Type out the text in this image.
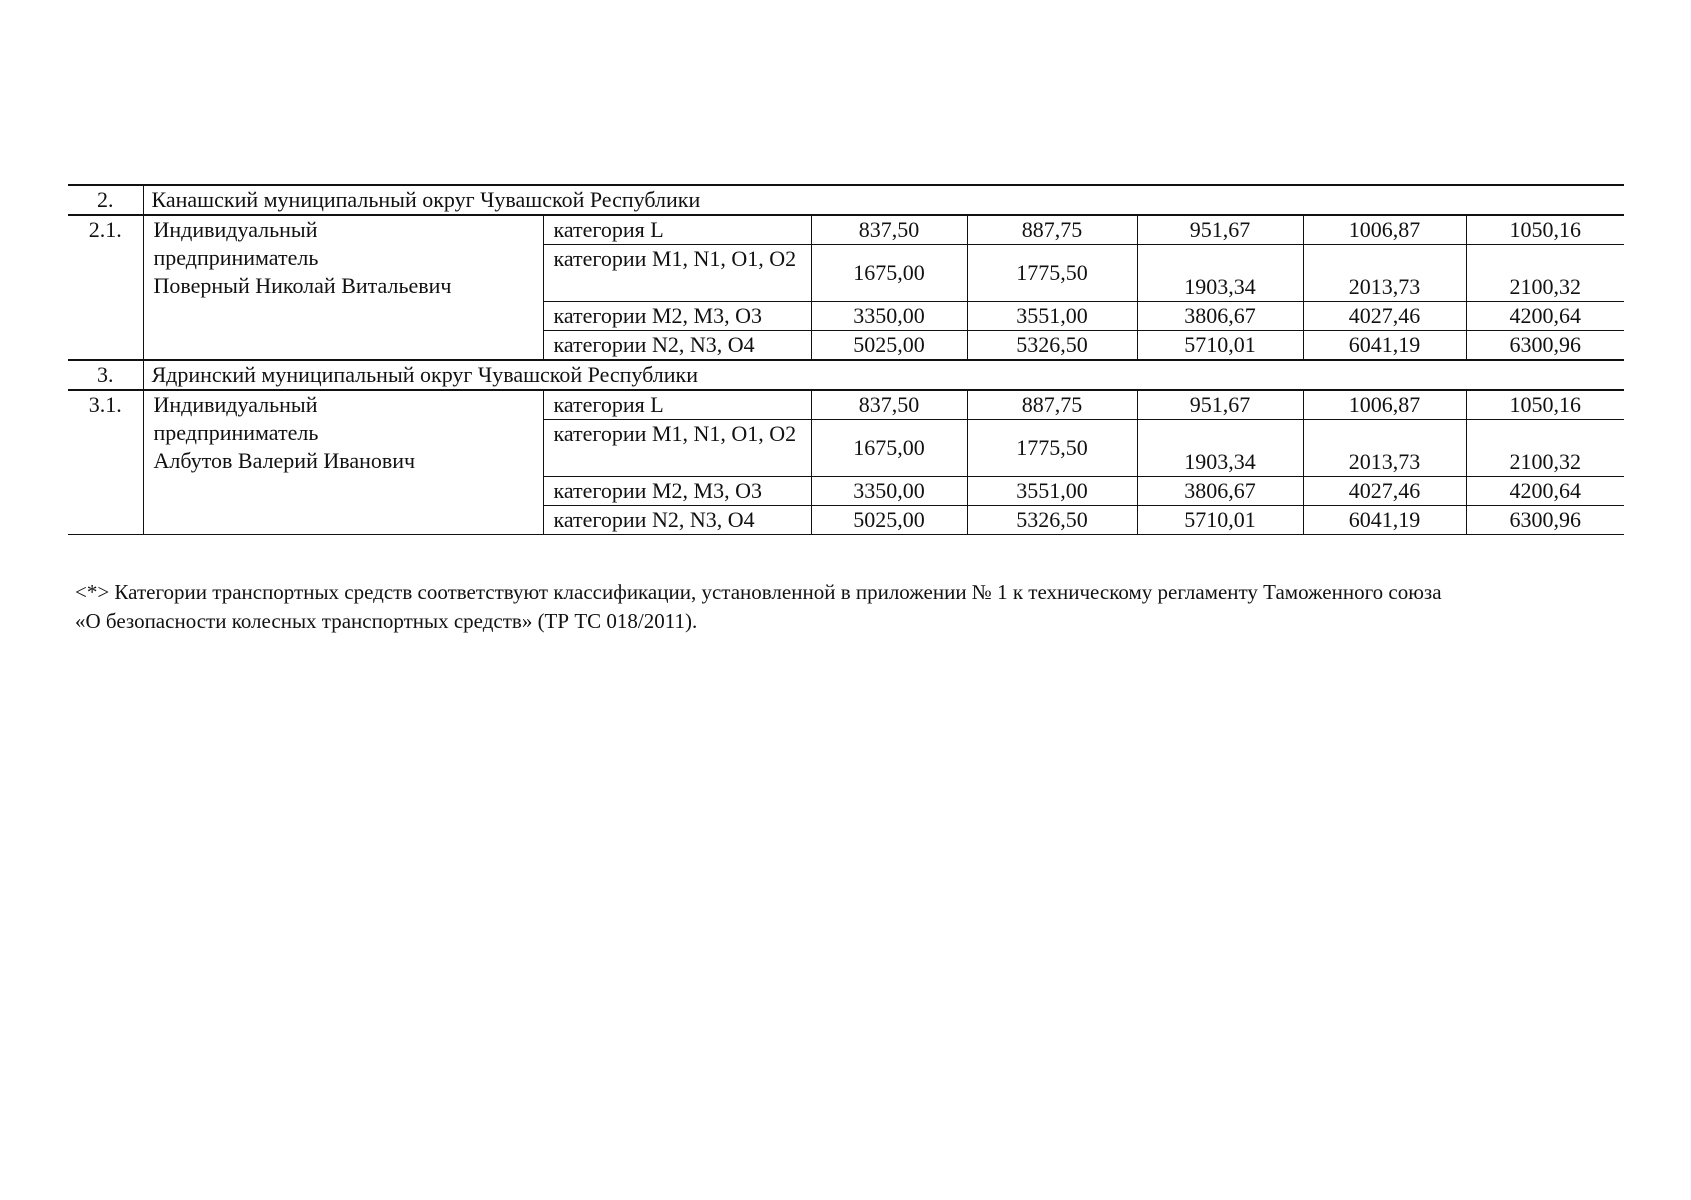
2.	Канашский муниципальный округ Чувашской Республики						
2.1.	Индивидуальный
предприниматель
Поверный Николай Витальевич	категория L	837,50	887,75	951,67	1006,87	1050,16
		категории M1, N1, O1, O2	1675,00	1775,50	1903,34	2013,73	2100,32
		категории M2, M3, O3	3350,00	3551,00	3806,67	4027,46	4200,64
		категории N2, N3, O4	5025,00	5326,50	5710,01	6041,19	6300,96
3.	Ядринский муниципальный округ Чувашской Республики						
3.1.	Индивидуальный
предприниматель
Албутов Валерий Иванович	категория L	837,50	887,75	951,67	1006,87	1050,16
		категории M1, N1, O1, O2	1675,00	1775,50	1903,34	2013,73	2100,32
		категории M2, M3, O3	3350,00	3551,00	3806,67	4027,46	4200,64
		категории N2, N3, O4	5025,00	5326,50	5710,01	6041,19	6300,96
<*> Категории транспортных средств соответствуют классификации, установленной в приложении № 1 к техническому регламенту Таможенного союза
«О безопасности колесных транспортных средств» (ТР ТС 018/2011).
